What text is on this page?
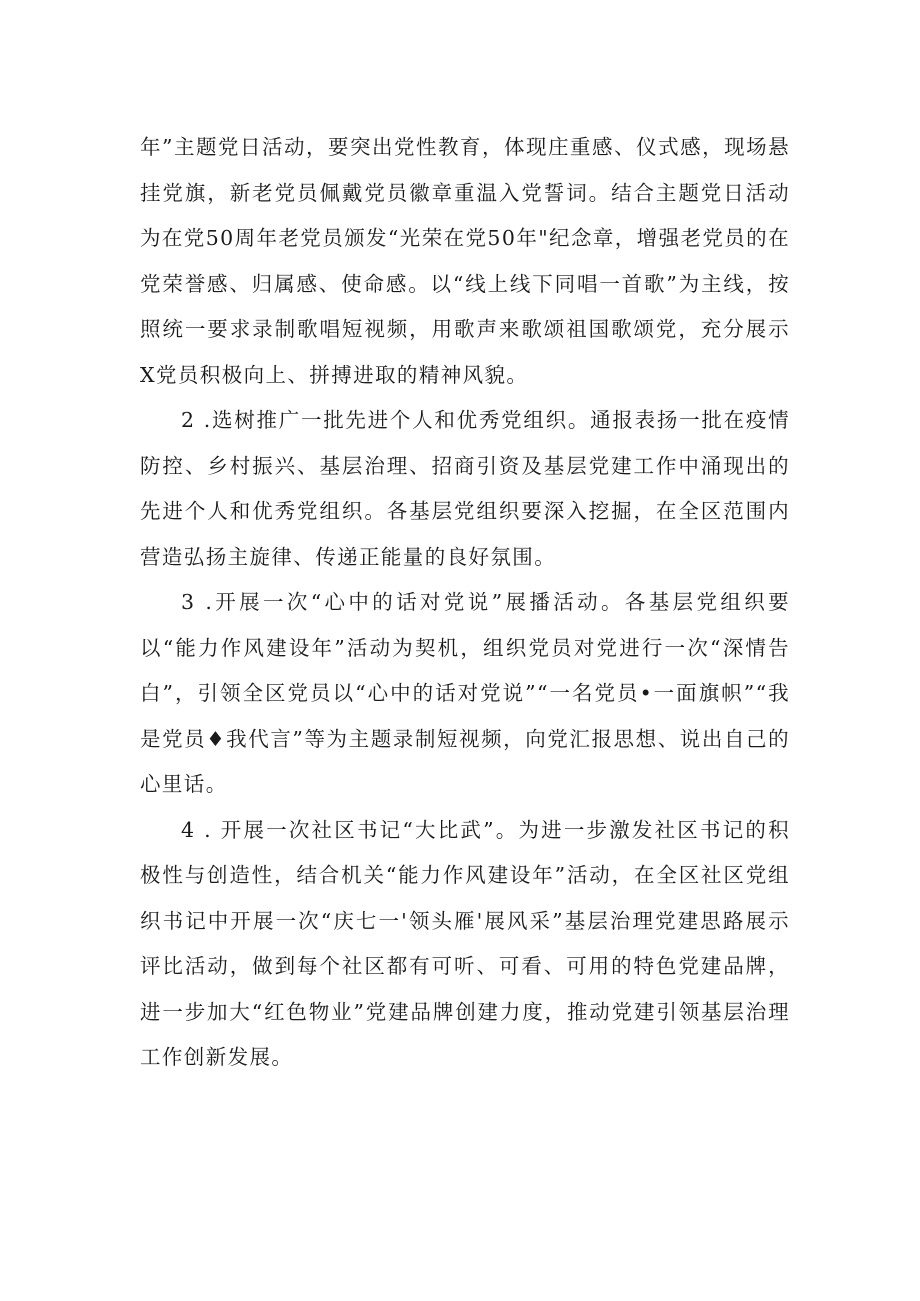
年”主题党日活动，要突出党性教育，体现庄重感、仪式感，现场悬挂党旗，新老党员佩戴党员徽章重温入党誓词。结合主题党日活动为在党50周年老党员颁发“光荣在党50年"纪念章，增强老党员的在党荣誉感、归属感、使命感。以“线上线下同唱一首歌”为主线，按照统一要求录制歌唱短视频，用歌声来歌颂祖国歌颂党，充分展示X党员积极向上、拼搏进取的精神风貌。

2 .选树推广一批先进个人和优秀党组织。通报表扬一批在疫情防控、乡村振兴、基层治理、招商引资及基层党建工作中涌现出的先进个人和优秀党组织。各基层党组织要深入挖掘，在全区范围内营造弘扬主旋律、传递正能量的良好氛围。

3 .开展一次“心中的话对党说”展播活动。各基层党组织要以“能力作风建设年”活动为契机，组织党员对党进行一次“深情告白”，引领全区党员以“心中的话对党说”“一名党员•一面旗帜”“我是党员♦我代言”等为主题录制短视频，向党汇报思想、说出自己的心里话。

4 . 开展一次社区书记“大比武”。为进一步激发社区书记的积极性与创造性，结合机关“能力作风建设年”活动，在全区社区党组织书记中开展一次“庆七一'领头雁'展风采”基层治理党建思路展示评比活动，做到每个社区都有可听、可看、可用的特色党建品牌，进一步加大“红色物业”党建品牌创建力度，推动党建引领基层治理工作创新发展。
